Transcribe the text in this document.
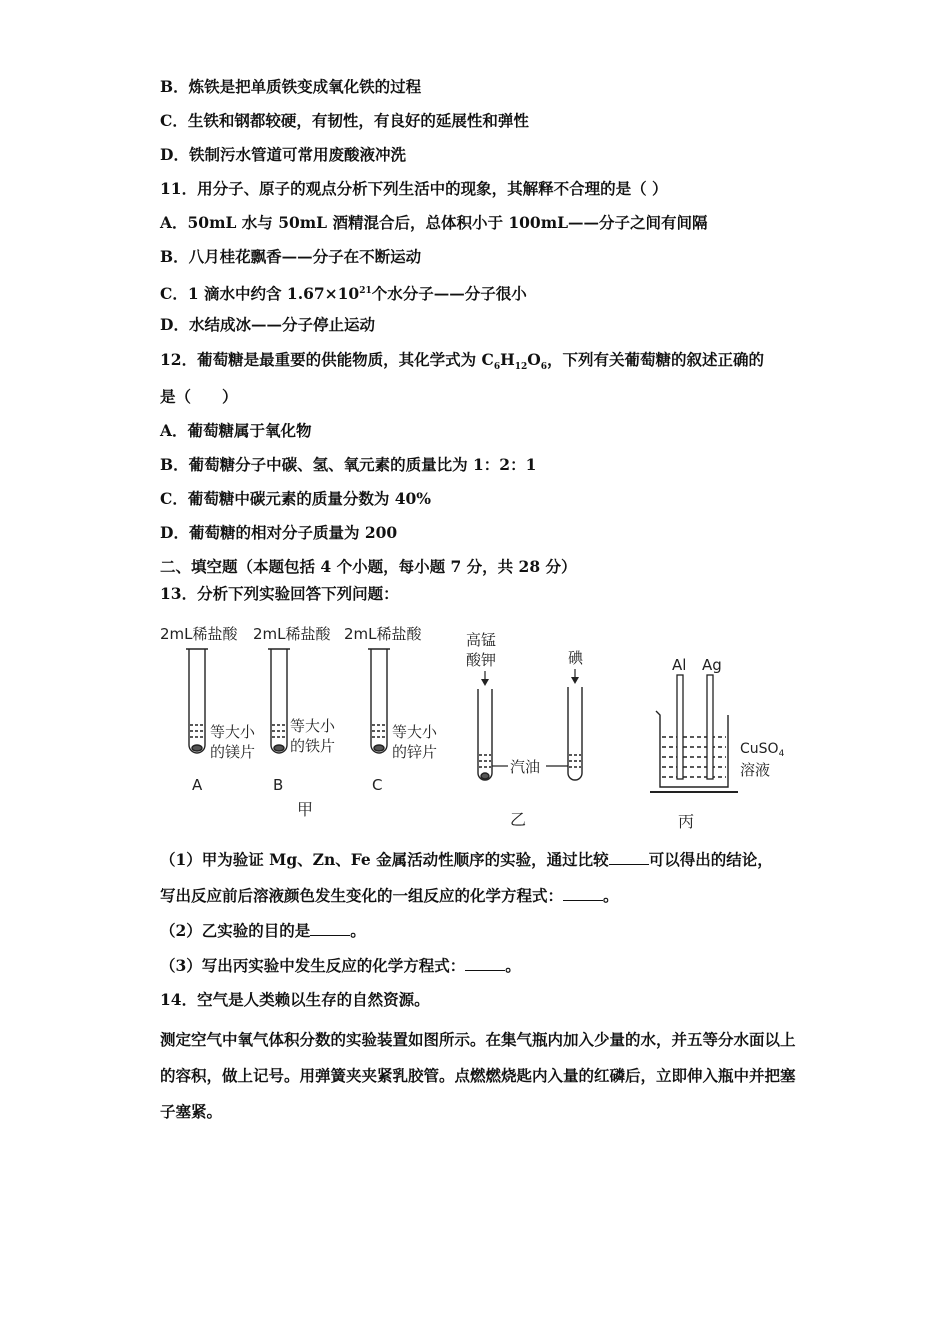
B．炼铁是把单质铁变成氧化铁的过程
C．生铁和钢都较硬，有韧性，有良好的延展性和弹性
D．铁制污水管道可常用废酸液冲洗
11．用分子、原子的观点分析下列生活中的现象，其解释不合理的是（ ）
A．50mL 水与 50mL 酒精混合后，总体积小于 100mL——分子之间有间隔
B．八月桂花飘香——分子在不断运动
C．1 滴水中约含 $1.67\times 10^{21}$个水分子——分子很小
D．水结成冰——分子停止运动
12．葡萄糖是最重要的供能物质，其化学式为 $C_6H_{12}O_6$，下列有关葡萄糖的叙述正确的
是（　　）
A．葡萄糖属于氧化物
B．葡萄糖分子中碳、氢、氧元素的质量比为 1：2：1
C．葡萄糖中碳元素的质量分数为 40%
D．葡萄糖的相对分子质量为 200
二、填空题（本题包括 4 个小题，每小题 7 分，共 28 分）
13．分析下列实验回答下列问题：
2mL稀盐酸 2mL稀盐酸 2mL稀盐酸
等大小
的镁片
等大小
的铁片
等大小
的锌片
A	B	C
甲
高锰
酸钾	碘
汽油
乙
Al Ag
CuSO$_4$
溶液
丙
（1）甲为验证 Mg、Zn、Fe 金属活动性顺序的实验，通过比较	可以得出的结论，
写出反应前后溶液颜色发生变化的一组反应的化学方程式：	。
（2）乙实验的目的是	。
（3）写出丙实验中发生反应的化学方程式：	。
14．空气是人类赖以生存的自然资源。
测定空气中氧气体积分数的实验装置如图所示。在集气瓶内加入少量的水，并五等分水面以上的容积，做上记号。用弹簧夹夹紧乳胶管。点燃燃烧匙内入量的红磷后，立即伸入瓶中并把塞子塞紧。
